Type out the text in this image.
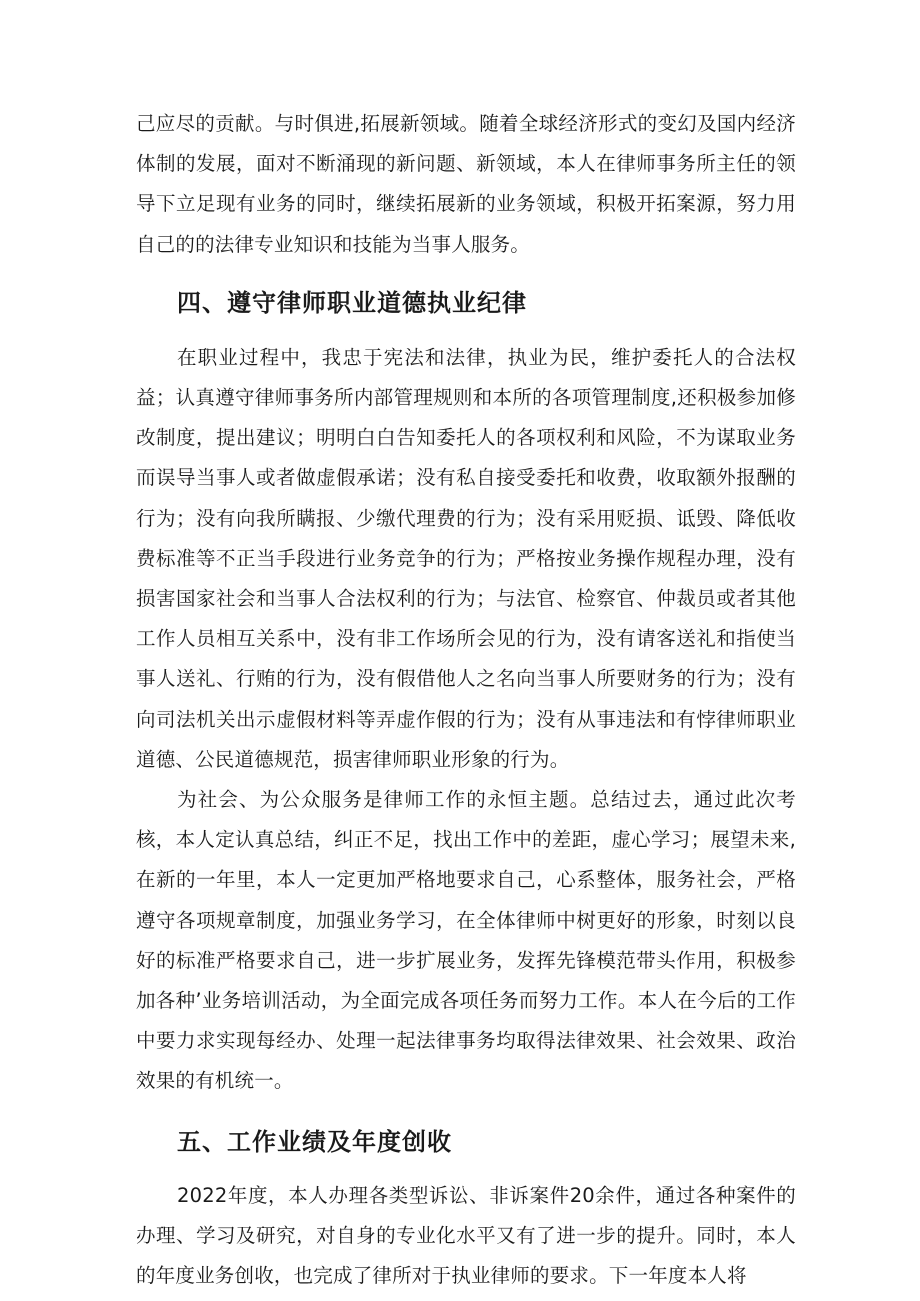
己应尽的贡献。与时俱进,拓展新领域。随着全球经济形式的变幻及国内经济体制的发展，面对不断涌现的新问题、新领域，本人在律师事务所主任的领导下立足现有业务的同时，继续拓展新的业务领域，积极开拓案源，努力用自己的的法律专业知识和技能为当事人服务。

四、遵守律师职业道德执业纪律

在职业过程中，我忠于宪法和法律，执业为民，维护委托人的合法权益；认真遵守律师事务所内部管理规则和本所的各项管理制度,还积极参加修改制度，提出建议；明明白白告知委托人的各项权利和风险，不为谋取业务而误导当事人或者做虚假承诺；没有私自接受委托和收费，收取额外报酬的行为；没有向我所瞒报、少缴代理费的行为；没有采用贬损、诋毁、降低收费标准等不正当手段进行业务竞争的行为；严格按业务操作规程办理，没有损害国家社会和当事人合法权利的行为；与法官、检察官、仲裁员或者其他工作人员相互关系中，没有非工作场所会见的行为，没有请客送礼和指使当事人送礼、行贿的行为，没有假借他人之名向当事人所要财务的行为；没有向司法机关出示虚假材料等弄虚作假的行为；没有从事违法和有悖律师职业道德、公民道德规范，损害律师职业形象的行为。

为社会、为公众服务是律师工作的永恒主题。总结过去，通过此次考核，本人定认真总结，纠正不足，找出工作中的差距，虚心学习；展望未来,在新的一年里，本人一定更加严格地要求自己，心系整体，服务社会，严格遵守各项规章制度，加强业务学习，在全体律师中树更好的形象，时刻以良好的标准严格要求自己，进一步扩展业务，发挥先锋模范带头作用，积极参加各种’业务培训活动，为全面完成各项任务而努力工作。本人在今后的工作中要力求实现每经办、处理一起法律事务均取得法律效果、社会效果、政治效果的有机统一。

五、工作业绩及年度创收

2022年度，本人办理各类型诉讼、非诉案件20余件，通过各种案件的办理、学习及研究，对自身的专业化水平又有了进一步的提升。同时，本人的年度业务创收，也完成了律所对于执业律师的要求。下一年度本人将
